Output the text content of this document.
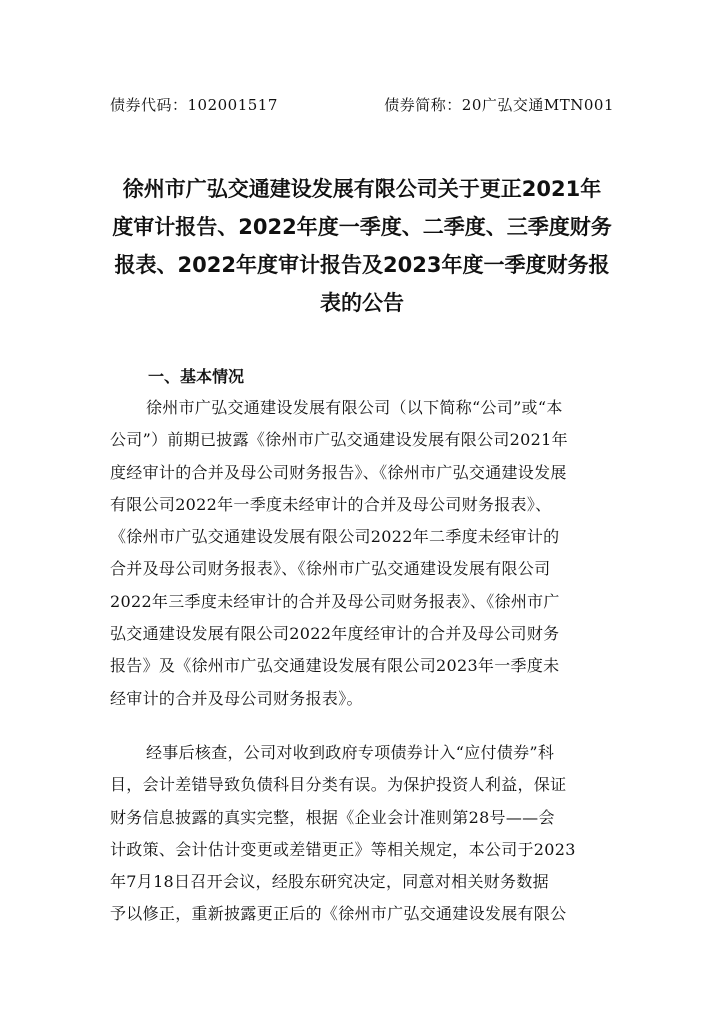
债券代码：102001517	债券简称：20广弘交通MTN001
徐州市广弘交通建设发展有限公司关于更正2021年
度审计报告、2022年度一季度、二季度、三季度财务
报表、2022年度审计报告及2023年度一季度财务报
表的公告
一、基本情况
徐州市广弘交通建设发展有限公司（以下简称“公司”或“本
公司”）前期已披露《徐州市广弘交通建设发展有限公司2021年
度经审计的合并及母公司财务报告》、《徐州市广弘交通建设发展
有限公司2022年一季度未经审计的合并及母公司财务报表》、
《徐州市广弘交通建设发展有限公司2022年二季度未经审计的
合并及母公司财务报表》、《徐州市广弘交通建设发展有限公司
2022年三季度未经审计的合并及母公司财务报表》、《徐州市广
弘交通建设发展有限公司2022年度经审计的合并及母公司财务
报告》及《徐州市广弘交通建设发展有限公司2023年一季度未
经审计的合并及母公司财务报表》。
经事后核查，公司对收到政府专项债券计入“应付债券”科
目，会计差错导致负债科目分类有误。为保护投资人利益，保证
财务信息披露的真实完整，根据《企业会计准则第28号——会
计政策、会计估计变更或差错更正》等相关规定，本公司于2023
年7月18日召开会议，经股东研究决定，同意对相关财务数据
予以修正，重新披露更正后的《徐州市广弘交通建设发展有限公
